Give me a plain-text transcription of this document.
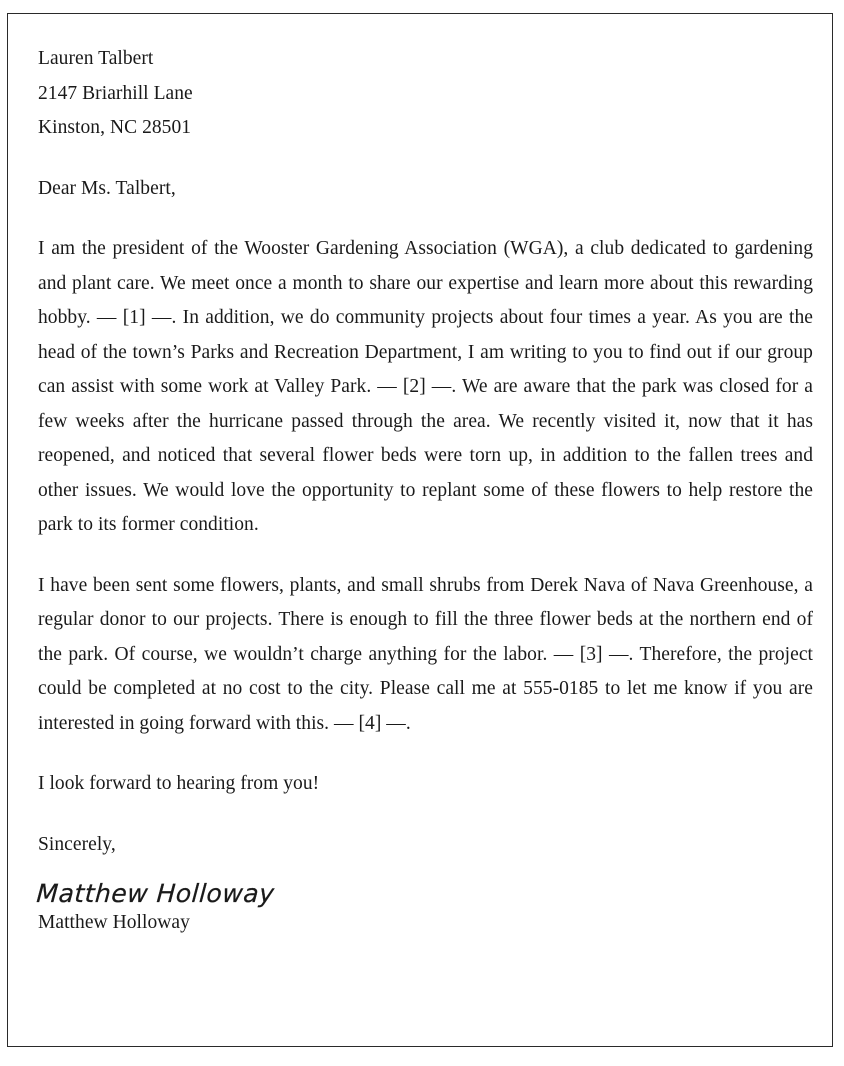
Lauren Talbert

2147 Briarhill Lane

Kinston, NC 28501

Dear Ms. Talbert,

I am the president of the Wooster Gardening Association (WGA), a club dedicated to gardening and plant care. We meet once a month to share our expertise and learn more about this rewarding hobby. — [1] —. In addition, we do community projects about four times a year. As you are the head of the town’s Parks and Recreation Department, I am writing to you to find out if our group can assist with some work at Valley Park. — [2] —. We are aware that the park was closed for a few weeks after the hurricane passed through the area. We recently visited it, now that it has reopened, and noticed that several flower beds were torn up, in addition to the fallen trees and other issues. We would love the opportunity to replant some of these flowers to help restore the park to its former condition.

I have been sent some flowers, plants, and small shrubs from Derek Nava of Nava Greenhouse, a regular donor to our projects. There is enough to fill the three flower beds at the northern end of the park. Of course, we wouldn’t charge anything for the labor. — [3] —. Therefore, the project could be completed at no cost to the city. Please call me at 555-0185 to let me know if you are interested in going forward with this. — [4] —.

I look forward to hearing from you!

Sincerely,

Matthew Holloway

Matthew Holloway
